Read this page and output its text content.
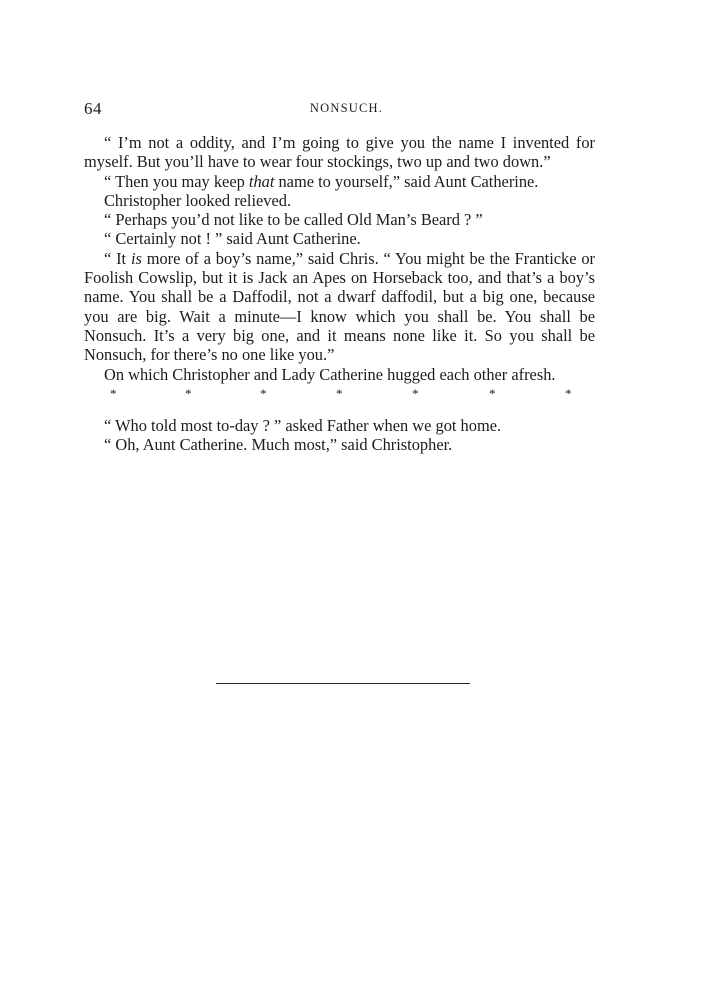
64	NONSUCH.

“ I’m not a oddity, and I’m going to give you the name I invented for myself. But you’ll have to wear four stockings, two up and two down.”

“ Then you may keep that name to yourself,” said Aunt Catherine.

Christopher looked relieved.

“ Perhaps you’d not like to be called Old Man’s Beard ? ”

“ Certainly not ! ” said Aunt Catherine.

“ It is more of a boy’s name,” said Chris. “ You might be the Franticke or Foolish Cowslip, but it is Jack an Apes on Horseback too, and that’s a boy’s name. You shall be a Daffodil, not a dwarf daffodil, but a big one, because you are big. Wait a minute—I know which you shall be. You shall be Nonsuch. It’s a very big one, and it means none like it. So you shall be Nonsuch, for there’s no one like you.”

On which Christopher and Lady Catherine hugged each other afresh.

*	*	*	*	*	*	*

“ Who told most to-day ? ” asked Father when we got home.

“ Oh, Aunt Catherine. Much most,” said Christopher.
